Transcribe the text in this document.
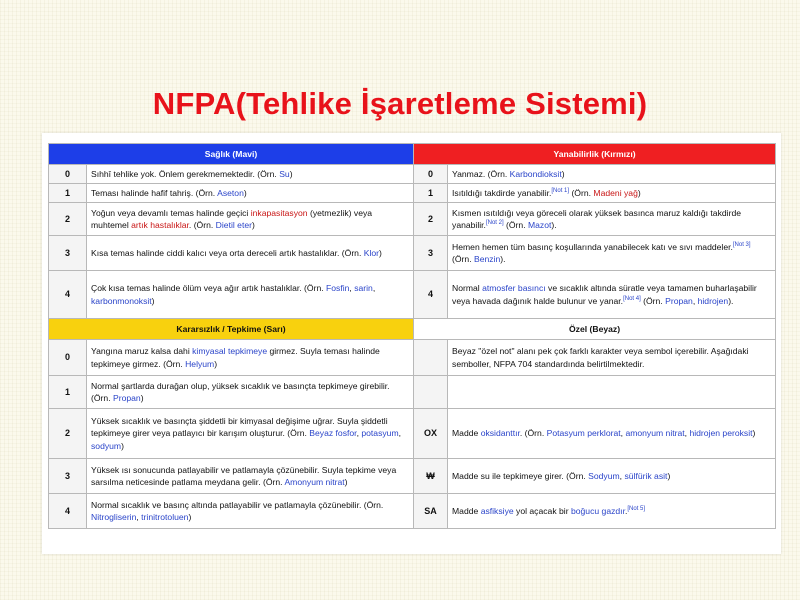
NFPA(Tehlike İşaretleme Sistemi)
Sağlık (Mavi)		Yanabilirlik (Kırmızı)	
0	Sıhhî tehlike yok. Önlem gerekmemektedir. (Örn. Su)	0	Yanmaz. (Örn. Karbondioksit)
1	Teması halinde hafif tahriş. (Örn. Aseton)	1	Isıtıldığı takdirde yanabilir.[Not 1] (Örn. Madeni yağ)
2	Yoğun veya devamlı temas halinde geçici inkapasitasyon (yetmezlik) veya muhtemel artık hastalıklar. (Örn. Dietil eter)	2	Kısmen ısıtıldığı veya göreceli olarak yüksek basınca maruz kaldığı takdirde yanabilir.[Not 2] (Örn. Mazot).
3	Kısa temas halinde ciddi kalıcı veya orta dereceli artık hastalıklar. (Örn. Klor)	3	Hemen hemen tüm basınç koşullarında yanabilecek katı ve sıvı maddeler.[Not 3] (Örn. Benzin).
4	Çok kısa temas halinde ölüm veya ağır artık hastalıklar. (Örn. Fosfin, sarin, karbonmonoksit)	4	Normal atmosfer basıncı ve sıcaklık altında süratle veya tamamen buharlaşabilir veya havada dağınık halde bulunur ve yanar.[Not 4] (Örn. Propan, hidrojen).
Kararsızlık / Tepkime (Sarı)		Özel (Beyaz)	
0	Yangına maruz kalsa dahi kimyasal tepkimeye girmez. Suyla teması halinde tepkimeye girmez. (Örn. Helyum)		Beyaz "özel not" alanı pek çok farklı karakter veya sembol içerebilir. Aşağıdaki semboller, NFPA 704 standardında belirtilmektedir.
1	Normal şartlarda durağan olup, yüksek sıcaklık ve basınçta tepkimeye girebilir. (Örn. Propan)		
2	Yüksek sıcaklık ve basınçta şiddetli bir kimyasal değişime uğrar. Suyla şiddetli tepkimeye girer veya patlayıcı bir karışım oluşturur. (Örn. Beyaz fosfor, potasyum, sodyum)	OX	Madde oksidanttır. (Örn. Potasyum perklorat, amonyum nitrat, hidrojen peroksit)
3	Yüksek ısı sonucunda patlayabilir ve patlamayla çözünebilir. Suyla tepkime veya sarsılma neticesinde patlama meydana gelir. (Örn. Amonyum nitrat)	₩	Madde su ile tepkimeye girer. (Örn. Sodyum, sülfürik asit)
4	Normal sıcaklık ve basınç altında patlayabilir ve patlamayla çözünebilir. (Örn. Nitrogliserin, trinitrotoluen)	SA	Madde asfiksiye yol açacak bir boğucu gazdır.[Not 5]
